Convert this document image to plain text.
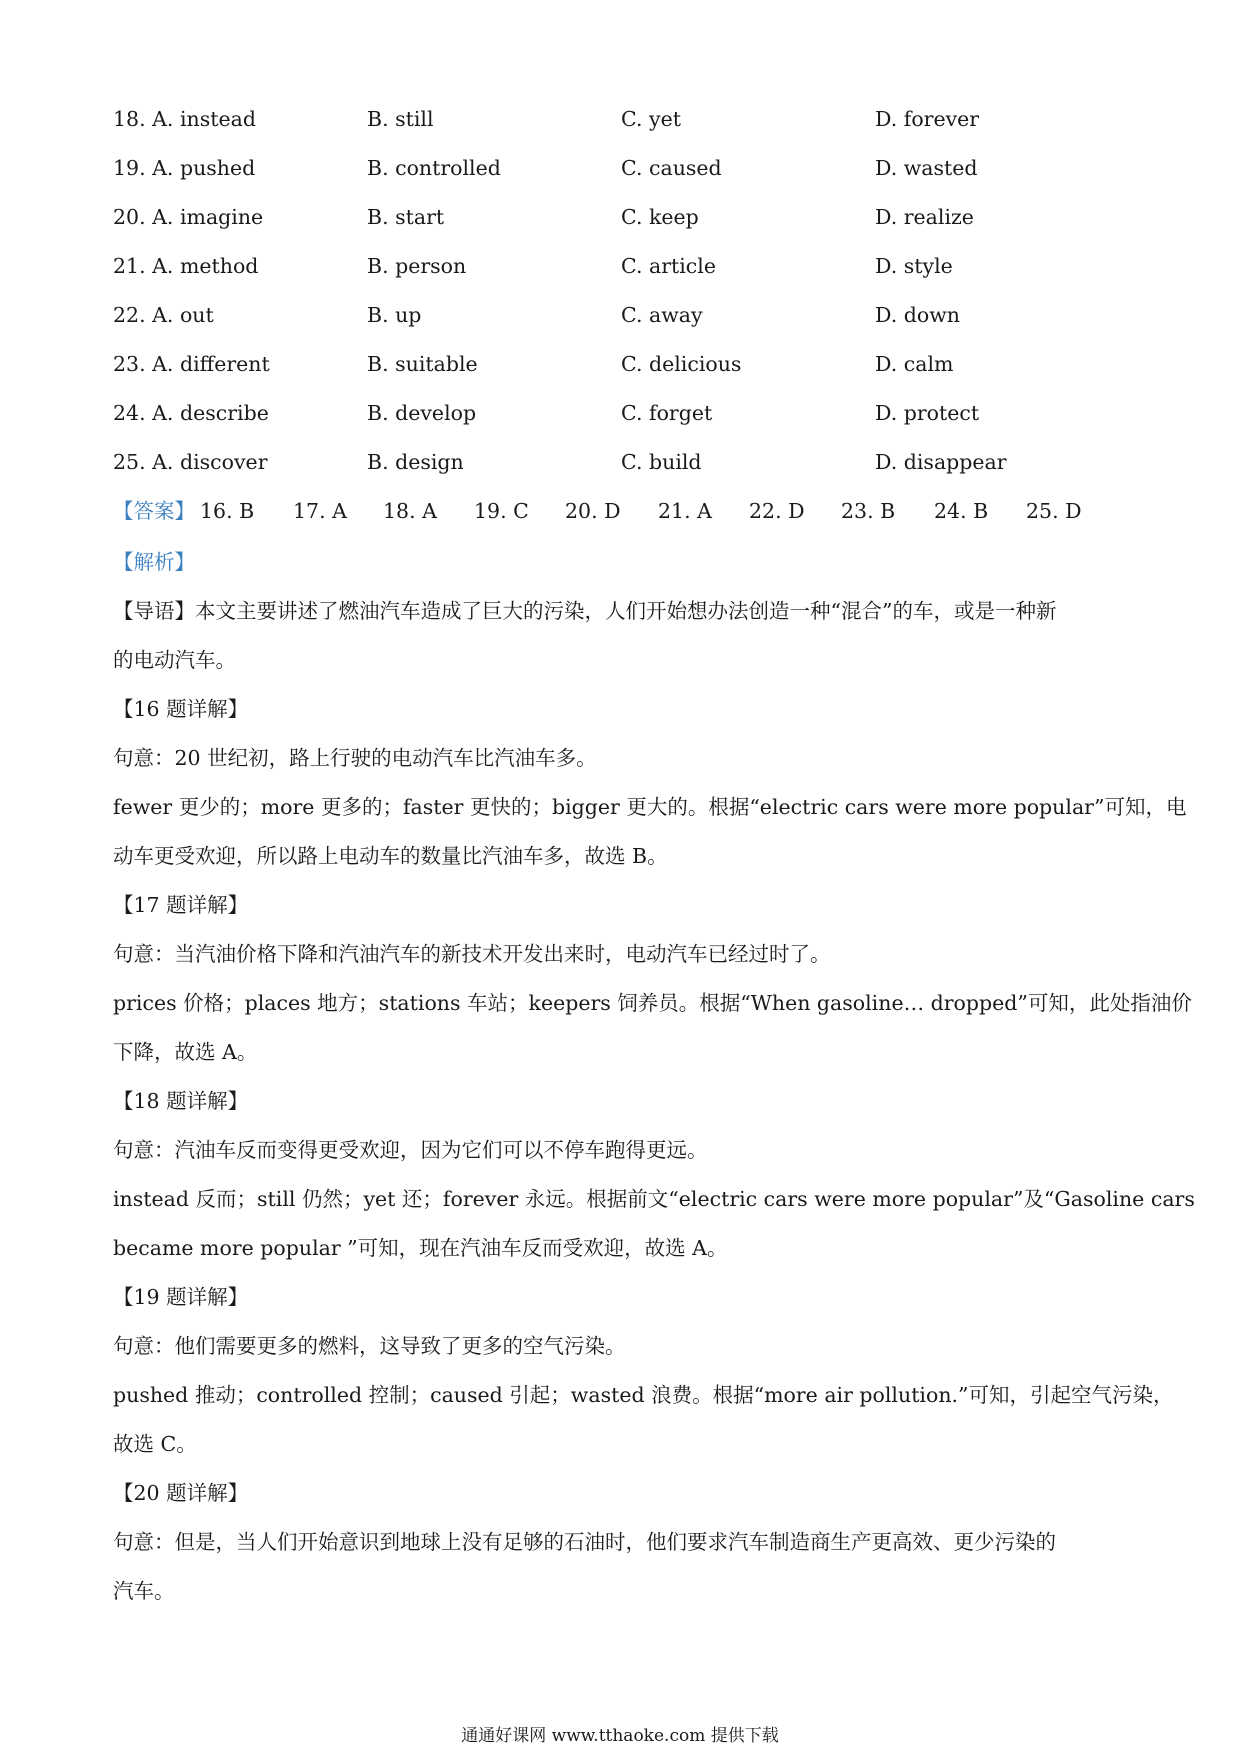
18. A. instead	B. still	C. yet	D. forever
19. A. pushed	B. controlled	C. caused	D. wasted
20. A. imagine	B. start	C. keep	D. realize
21. A. method	B. person	C. article	D. style
22. A. out	B. up	C. away	D. down
23. A. different	B. suitable	C. delicious	D. calm
24. A. describe	B. develop	C. forget	D. protect
25. A. discover	B. design	C. build	D. disappear
【答案】 16. B 17. A 18. A 19. C 20. D 21. A 22. D 23. B 24. B 25. D
【解析】
【导语】本文主要讲述了燃油汽车造成了巨大的污染，人们开始想办法创造一种“混合”的车，或是一种新
的电动汽车。
【16 题详解】
句意：20 世纪初，路上行驶的电动汽车比汽油车多。
fewer 更少的；more 更多的；faster 更快的；bigger 更大的。根据“electric cars were more popular”可知，电
动车更受欢迎，所以路上电动车的数量比汽油车多，故选 B。
【17 题详解】
句意：当汽油价格下降和汽油汽车的新技术开发出来时，电动汽车已经过时了。
prices 价格；places 地方；stations 车站；keepers 饲养员。根据“When gasoline… dropped”可知，此处指油价
下降，故选 A。
【18 题详解】
句意：汽油车反而变得更受欢迎，因为它们可以不停车跑得更远。
instead 反而；still 仍然；yet 还；forever 永远。根据前文“electric cars were more popular”及“Gasoline cars
became more popular ”可知，现在汽油车反而受欢迎，故选 A。
【19 题详解】
句意：他们需要更多的燃料，这导致了更多的空气污染。
pushed 推动；controlled 控制；caused 引起；wasted 浪费。根据“more air pollution.”可知，引起空气污染，
故选 C。
【20 题详解】
句意：但是，当人们开始意识到地球上没有足够的石油时，他们要求汽车制造商生产更高效、更少污染的
汽车。
通通好课网 www.tthaoke.com 提供下载
